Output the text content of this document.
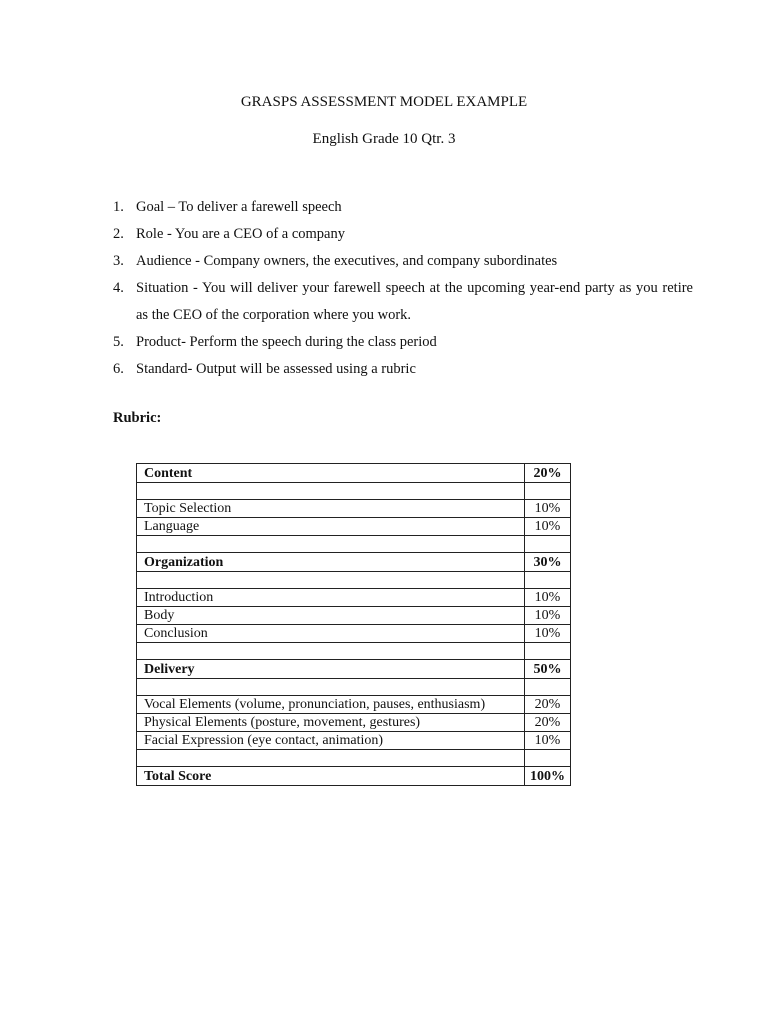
GRASPS ASSESSMENT MODEL EXAMPLE
English Grade 10 Qtr. 3
1. Goal – To deliver a farewell speech
2. Role - You are a CEO of a company
3. Audience - Company owners, the executives, and company subordinates
4. Situation - You will deliver your farewell speech at the upcoming year-end party as you retire as the CEO of the corporation where you work.
5. Product- Perform the speech during the class period
6. Standard- Output will be assessed using a rubric
Rubric:
Content	20%

Topic Selection	10%
Language	10%

Organization	30%

Introduction	10%
Body	10%
Conclusion	10%

Delivery	50%

Vocal Elements (volume, pronunciation, pauses, enthusiasm)	20%
Physical Elements (posture, movement, gestures)	20%
Facial Expression (eye contact, animation)	10%

Total Score	100%
